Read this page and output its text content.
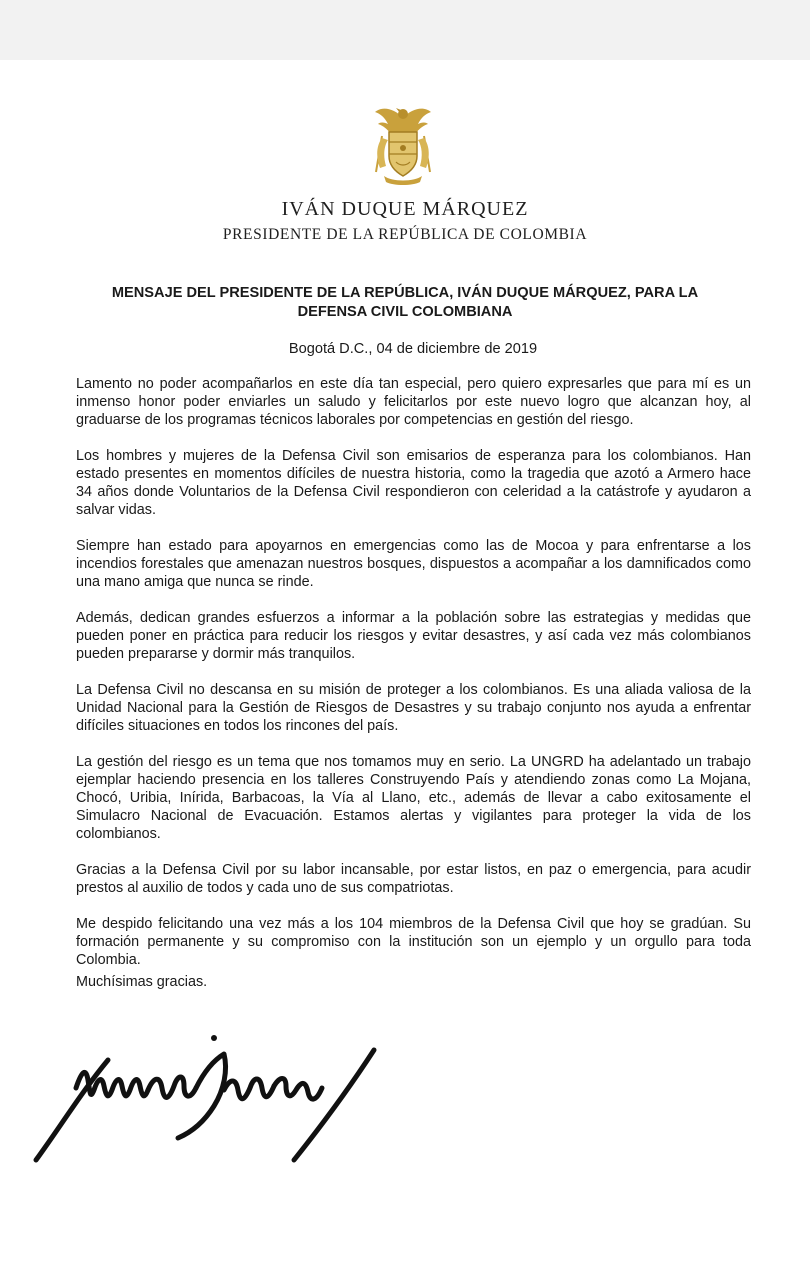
IVÁN DUQUE MÁRQUEZ
PRESIDENTE DE LA REPÚBLICA DE COLOMBIA
MENSAJE DEL PRESIDENTE DE LA REPÚBLICA, IVÁN DUQUE MÁRQUEZ, PARA LA DEFENSA CIVIL COLOMBIANA
Bogotá D.C., 04 de diciembre de 2019

Lamento no poder acompañarlos en este día tan especial, pero quiero expresarles que para mí es un inmenso honor poder enviarles un saludo y felicitarlos por este nuevo logro que alcanzan hoy, al graduarse de los programas técnicos laborales por competencias en gestión del riesgo.

Los hombres y mujeres de la Defensa Civil son emisarios de esperanza para los colombianos. Han estado presentes en momentos difíciles de nuestra historia, como la tragedia que azotó a Armero hace 34 años donde Voluntarios de la Defensa Civil respondieron con celeridad a la catástrofe y ayudaron a salvar vidas.

Siempre han estado para apoyarnos en emergencias como las de Mocoa y para enfrentarse a los incendios forestales que amenazan nuestros bosques, dispuestos a acompañar a los damnificados como una mano amiga que nunca se rinde.

Además, dedican grandes esfuerzos a informar a la población sobre las estrategias y medidas que pueden poner en práctica para reducir los riesgos y evitar desastres, y así cada vez más colombianos pueden prepararse y dormir más tranquilos.

La Defensa Civil no descansa en su misión de proteger a los colombianos. Es una aliada valiosa de la Unidad Nacional para la Gestión de Riesgos de Desastres y su trabajo conjunto nos ayuda a enfrentar difíciles situaciones en todos los rincones del país.

La gestión del riesgo es un tema que nos tomamos muy en serio. La UNGRD ha adelantado un trabajo ejemplar haciendo presencia en los talleres Construyendo País y atendiendo zonas como La Mojana, Chocó, Uribia, Inírida, Barbacoas, la Vía al Llano, etc., además de llevar a cabo exitosamente el Simulacro Nacional de Evacuación. Estamos alertas y vigilantes para proteger la vida de los colombianos.

Gracias a la Defensa Civil por su labor incansable, por estar listos, en paz o emergencia, para acudir prestos al auxilio de todos y cada uno de sus compatriotas.

Me despido felicitando una vez más a los 104 miembros de la Defensa Civil que hoy se gradúan. Su formación permanente y su compromiso con la institución son un ejemplo y un orgullo para toda Colombia.

Muchísimas gracias.
